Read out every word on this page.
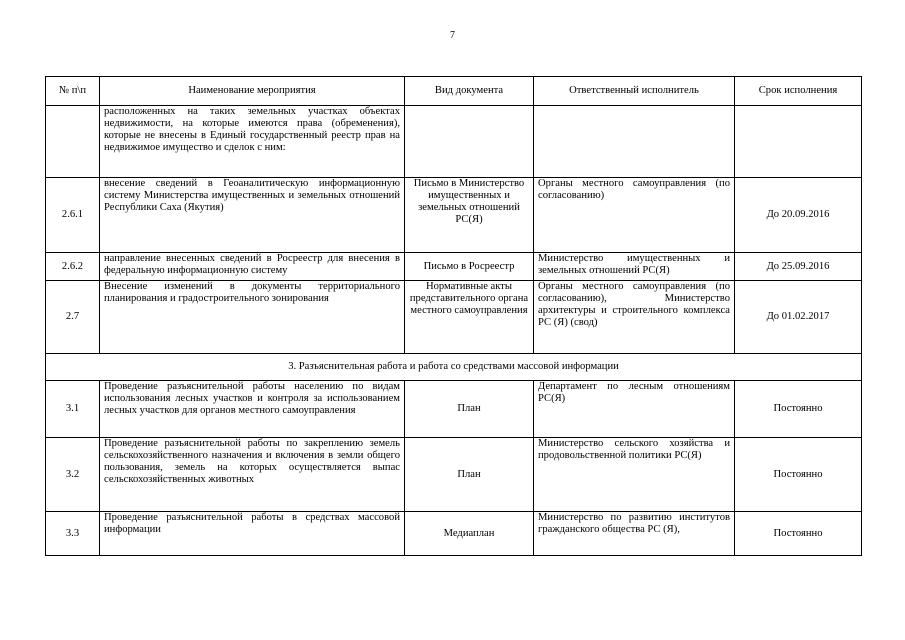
7
№ п\п	Наименование мероприятия	Вид документа	Ответственный исполнитель	Срок исполнения
	расположенных на таких земельных участках объектах недвижимости, на которые имеются права (обременения), которые не внесены в Единый государственный реестр прав на недвижимое имущество и сделок с ним:			
2.6.1	внесение сведений в Геоаналитическую информационную систему Министерства имущественных и земельных отношений Республики Саха (Якутия)	Письмо в Министерство имущественных и земельных отношений РС(Я)	Органы местного самоуправления (по согласованию)	До 20.09.2016
2.6.2	направление внесенных сведений в Росреестр для внесения в федеральную информационную систему	Письмо в Росреестр	Министерство имущественных и земельных отношений РС(Я)	До 25.09.2016
2.7	Внесение изменений в документы территориального планирования и градостроительного зонирования	Нормативные акты представительного органа местного самоуправления	Органы местного самоуправления (по согласованию), Министерство архитектуры и строительного комплекса РС (Я) (свод)	До 01.02.2017
3. Разъяснительная работа и работа со средствами массовой информации				
3.1	Проведение разъяснительной работы населению по видам использования лесных участков и контроля за использованием лесных участков для органов местного самоуправления	План	Департамент по лесным отношениям РС(Я)	Постоянно
3.2	Проведение разъяснительной работы по закреплению земель сельскохозяйственного назначения и включения в земли общего пользования, земель на которых осуществляется выпас сельскохозяйственных животных	План	Министерство сельского хозяйства и продовольственной политики РС(Я)	Постоянно
3.3	Проведение разъяснительной работы в средствах массовой информации	Медиаплан	Министерство по развитию институтов гражданского общества РС (Я),	Постоянно
